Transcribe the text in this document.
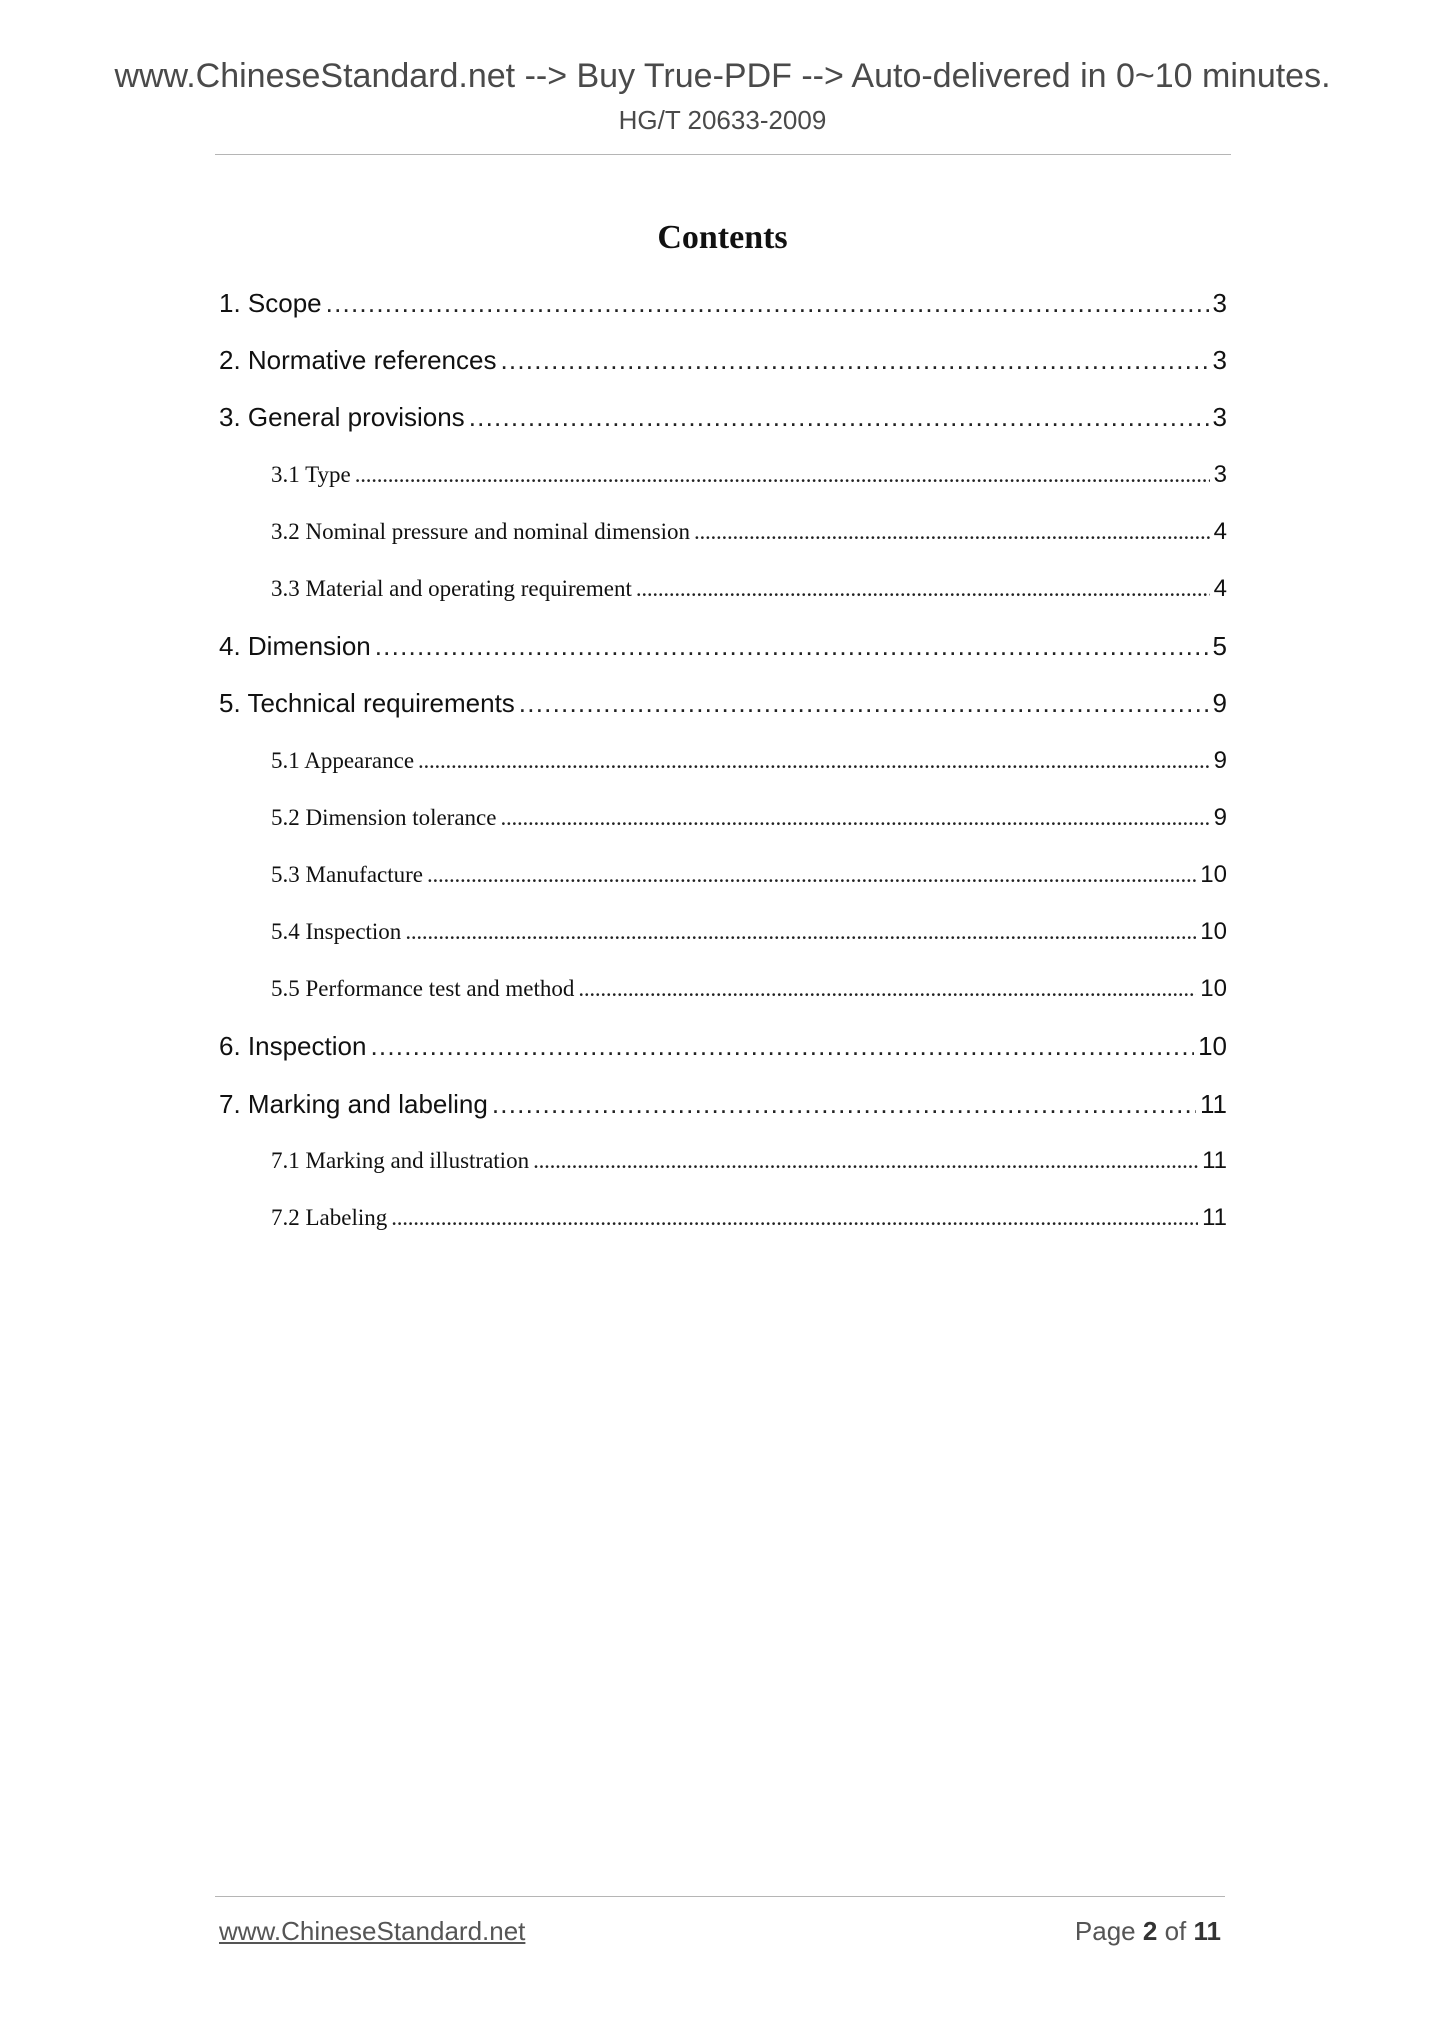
www.ChineseStandard.net --> Buy True-PDF --> Auto-delivered in 0~10 minutes.
HG/T 20633-2009
Contents
1. Scope . . .	3
2. Normative references . . .	3
3. General provisions . . .	3
3.1 Type . . .	3
3.2 Nominal pressure and nominal dimension . . .	4
3.3 Material and operating requirement . . .	4
4. Dimension . . .	5
5. Technical requirements . . .	9
5.1 Appearance . . .	9
5.2 Dimension tolerance . . .	9
5.3 Manufacture . . .	10
5.4 Inspection . . .	10
5.5 Performance test and method . . .	10
6. Inspection . . .	10
7. Marking and labeling . . .	11
7.1 Marking and illustration . . .	11
7.2 Labeling . . .	11
www.ChineseStandard.net	Page 2 of 11
